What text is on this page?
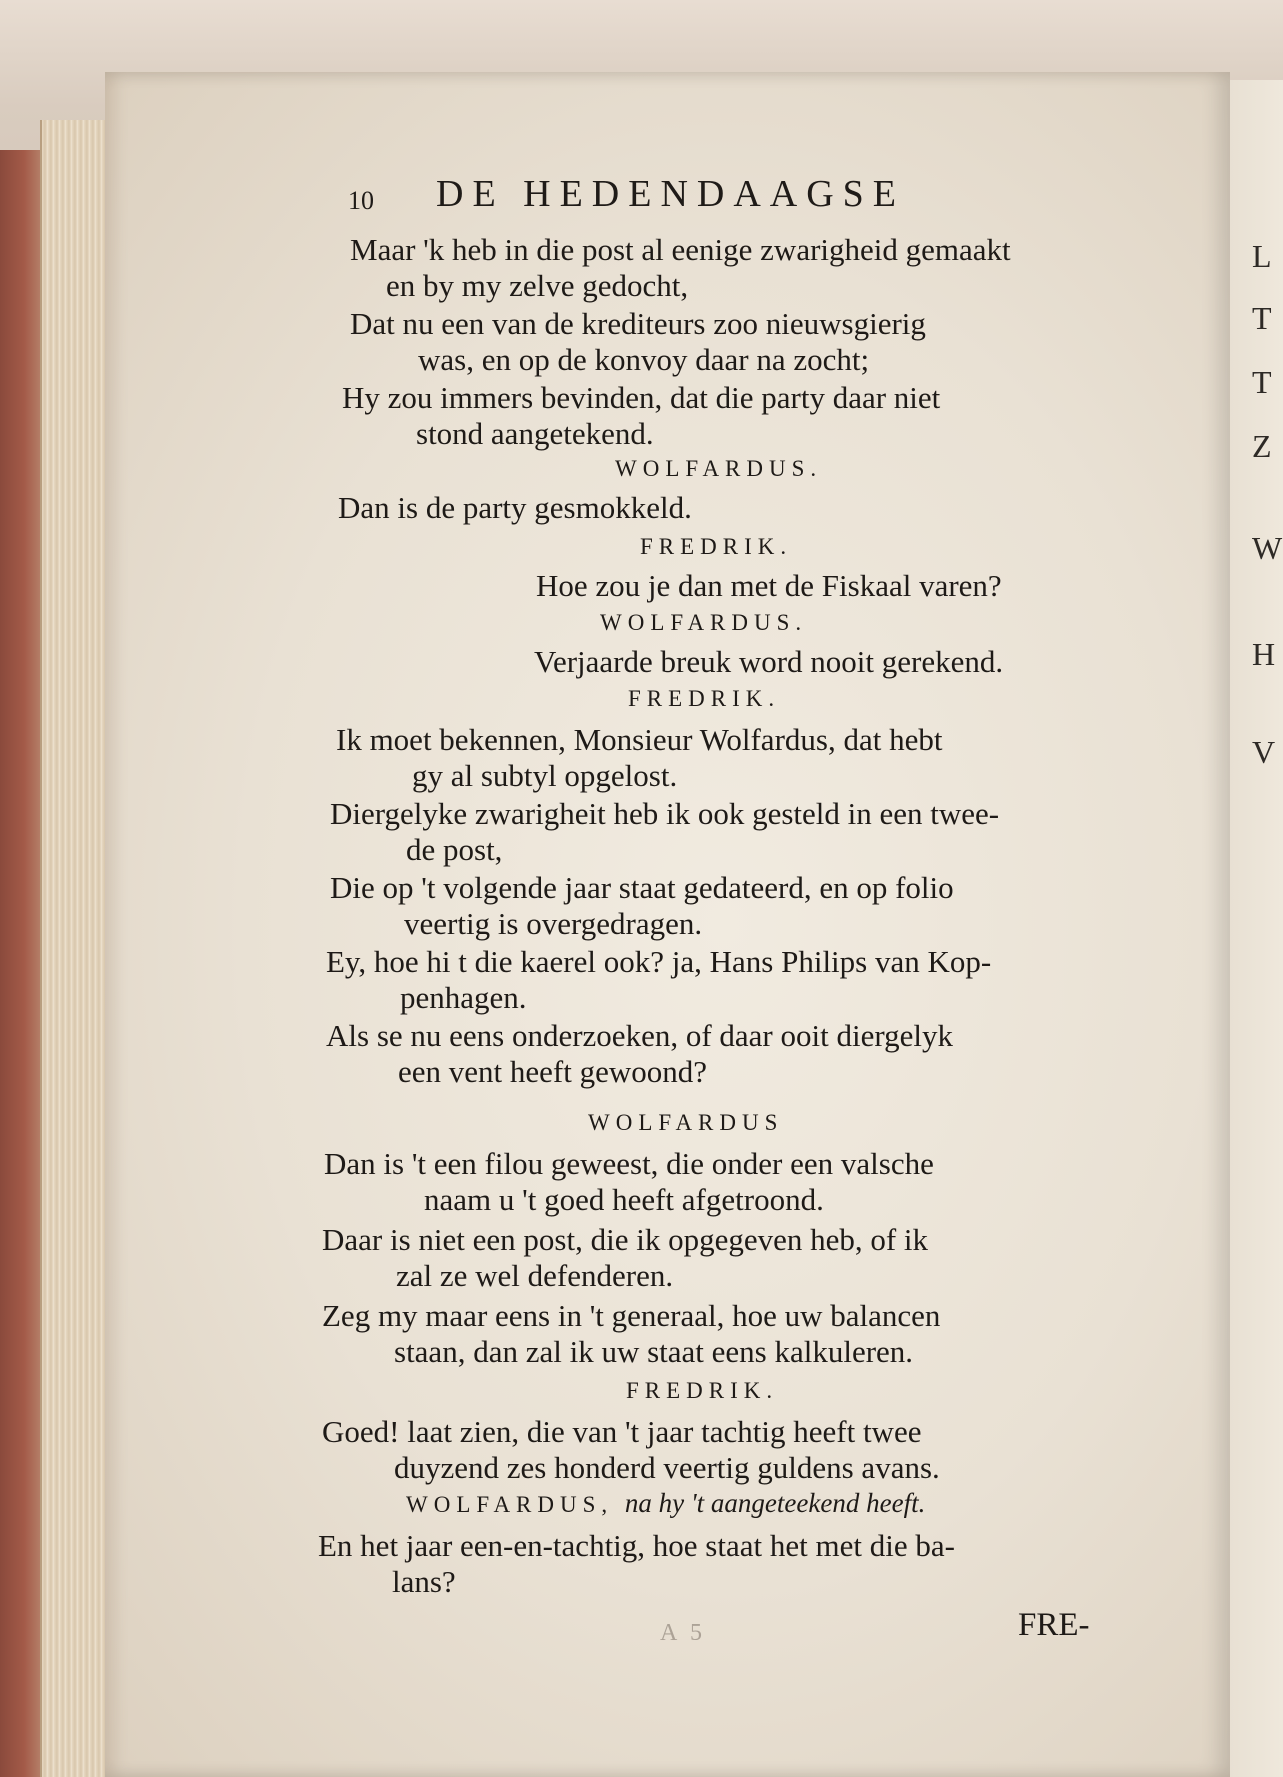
L
T
T
Z
W
H
V
10 DE HEDENDAAGSE
Maar 'k heb in die post al eenige zwarigheid gemaakt
en by my zelve gedocht,
Dat nu een van de krediteurs zoo nieuwsgierig
was, en op de konvoy daar na zocht;
Hy zou immers bevinden, dat die party daar niet
stond aangetekend.
WOLFARDUS.
Dan is de party gesmokkeld.
FREDRIK.
Hoe zou je dan met de Fiskaal varen?
WOLFARDUS.
Verjaarde breuk word nooit gerekend.
FREDRIK.
Ik moet bekennen, Monsieur Wolfardus, dat hebt
gy al subtyl opgelost.
Diergelyke zwarigheit heb ik ook gesteld in een twee-
de post,
Die op 't volgende jaar staat gedateerd, en op folio
veertig is overgedragen.
Ey, hoe hi t die kaerel ook? ja, Hans Philips van Kop-
penhagen.
Als se nu eens onderzoeken, of daar ooit diergelyk
een vent heeft gewoond?
WOLFARDUS
Dan is 't een filou geweest, die onder een valsche
naam u 't goed heeft afgetroond.
Daar is niet een post, die ik opgegeven heb, of ik
zal ze wel defenderen.
Zeg my maar eens in 't generaal, hoe uw balancen
staan, dan zal ik uw staat eens kalkuleren.
FREDRIK.
Goed! laat zien, die van 't jaar tachtig heeft twee
duyzend zes honderd veertig guldens avans.
WOLFARDUS, na hy 't aangeteekend heeft.
En het jaar een-en-tachtig, hoe staat het met die ba-
lans?
A 5	FRE-
